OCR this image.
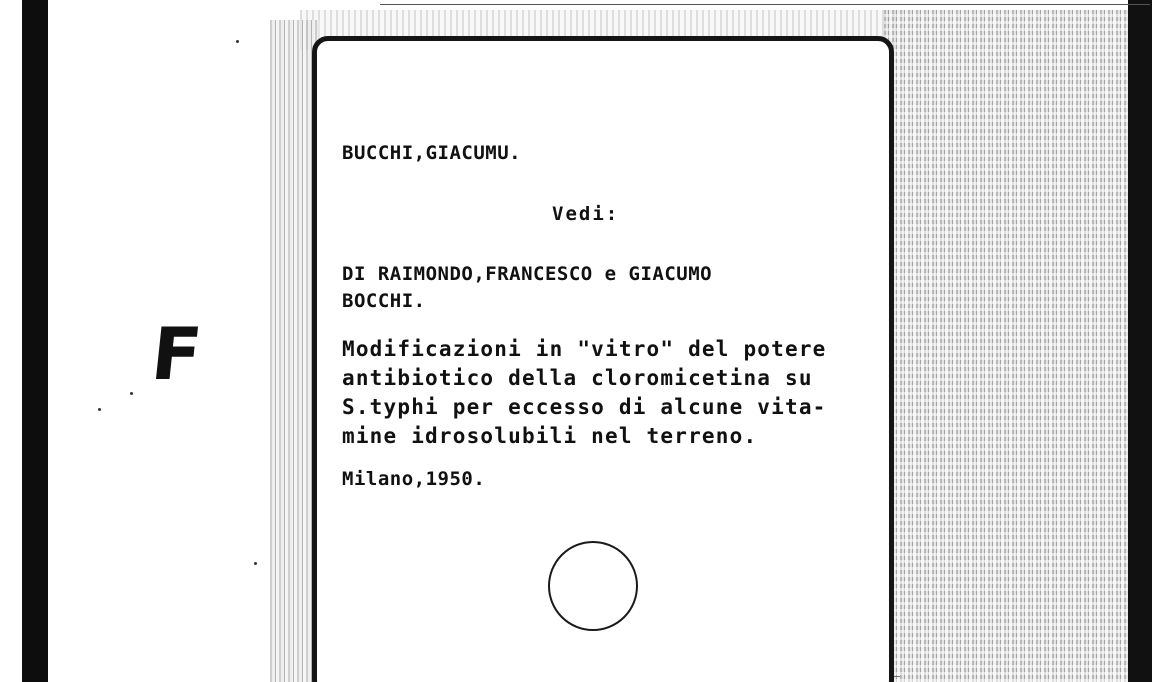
F

BUCCHI,GIACUMU.

Vedi:

DI RAIMONDO,FRANCESCO e GIACUMO

BOCCHI.

Modificazioni in "vitro" del potere

antibiotico della cloromicetina su

S.typhi per eccesso di alcune vita-

mine idrosolubili nel terreno.

Milano,1950.
